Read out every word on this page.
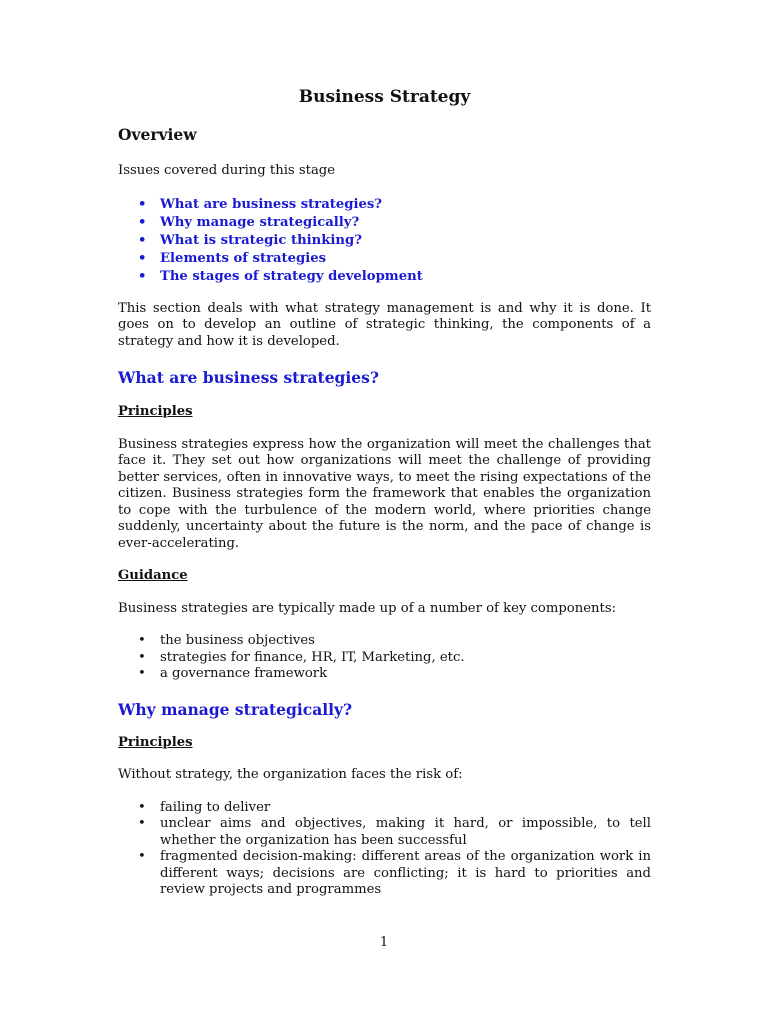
Business Strategy
Overview

Issues covered during this stage

• What are business strategies?
• Why manage strategically?
• What is strategic thinking?
• Elements of strategies
• The stages of strategy development

This section deals with what strategy management is and why it is done. It goes on to develop an outline of strategic thinking, the components of a strategy and how it is developed.

What are business strategies?

Principles

Business strategies express how the organization will meet the challenges that face it. They set out how organizations will meet the challenge of providing better services, often in innovative ways, to meet the rising expectations of the citizen. Business strategies form the framework that enables the organization to cope with the turbulence of the modern world, where priorities change suddenly, uncertainty about the future is the norm, and the pace of change is ever-accelerating.

Guidance

Business strategies are typically made up of a number of key components:

• the business objectives
• strategies for finance, HR, IT, Marketing, etc.
• a governance framework
Why manage strategically?

Principles

Without strategy, the organization faces the risk of:

• failing to deliver
• unclear aims and objectives, making it hard, or impossible, to tell whether the organization has been successful
• fragmented decision-making: different areas of the organization work in different ways; decisions are conflicting; it is hard to priorities and review projects and programmes
1
